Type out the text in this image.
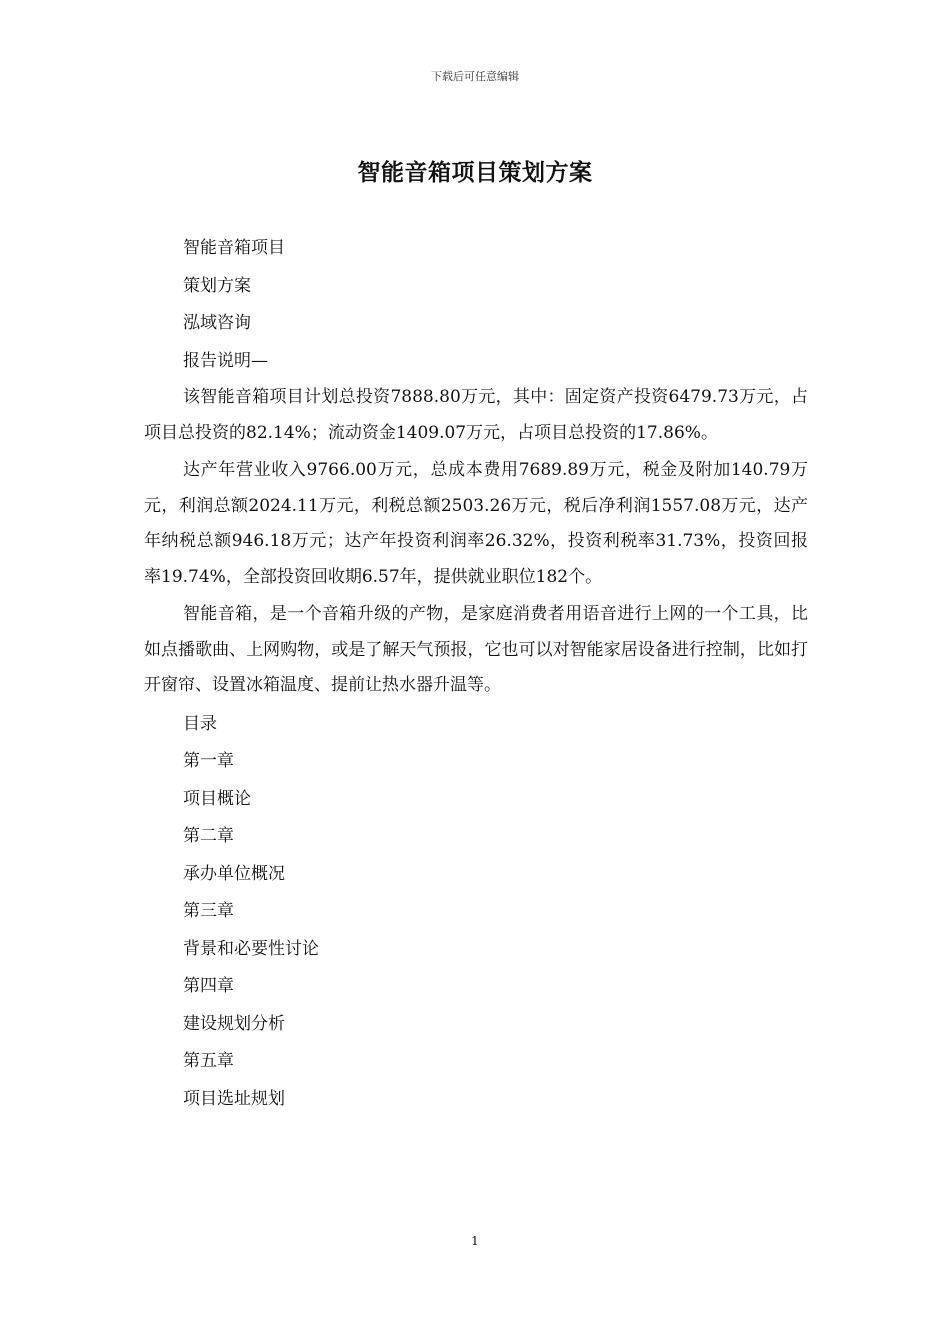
下载后可任意编辑
智能音箱项目策划方案
智能音箱项目
策划方案
泓域咨询
报告说明—

该智能音箱项目计划总投资7888.80万元，其中：固定资产投资6479.73万元，占项目总投资的82.14%；流动资金1409.07万元，占项目总投资的17.86%。

达产年营业收入9766.00万元，总成本费用7689.89万元，税金及附加140.79万元，利润总额2024.11万元，利税总额2503.26万元，税后净利润1557.08万元，达产年纳税总额946.18万元；达产年投资利润率26.32%，投资利税率31.73%，投资回报率19.74%，全部投资回收期6.57年，提供就业职位182个。

智能音箱，是一个音箱升级的产物，是家庭消费者用语音进行上网的一个工具，比如点播歌曲、上网购物，或是了解天气预报，它也可以对智能家居设备进行控制，比如打开窗帘、设置冰箱温度、提前让热水器升温等。

目录
第一章
项目概论
第二章
承办单位概况
第三章
背景和必要性讨论
第四章
建设规划分析
第五章
项目选址规划
1
